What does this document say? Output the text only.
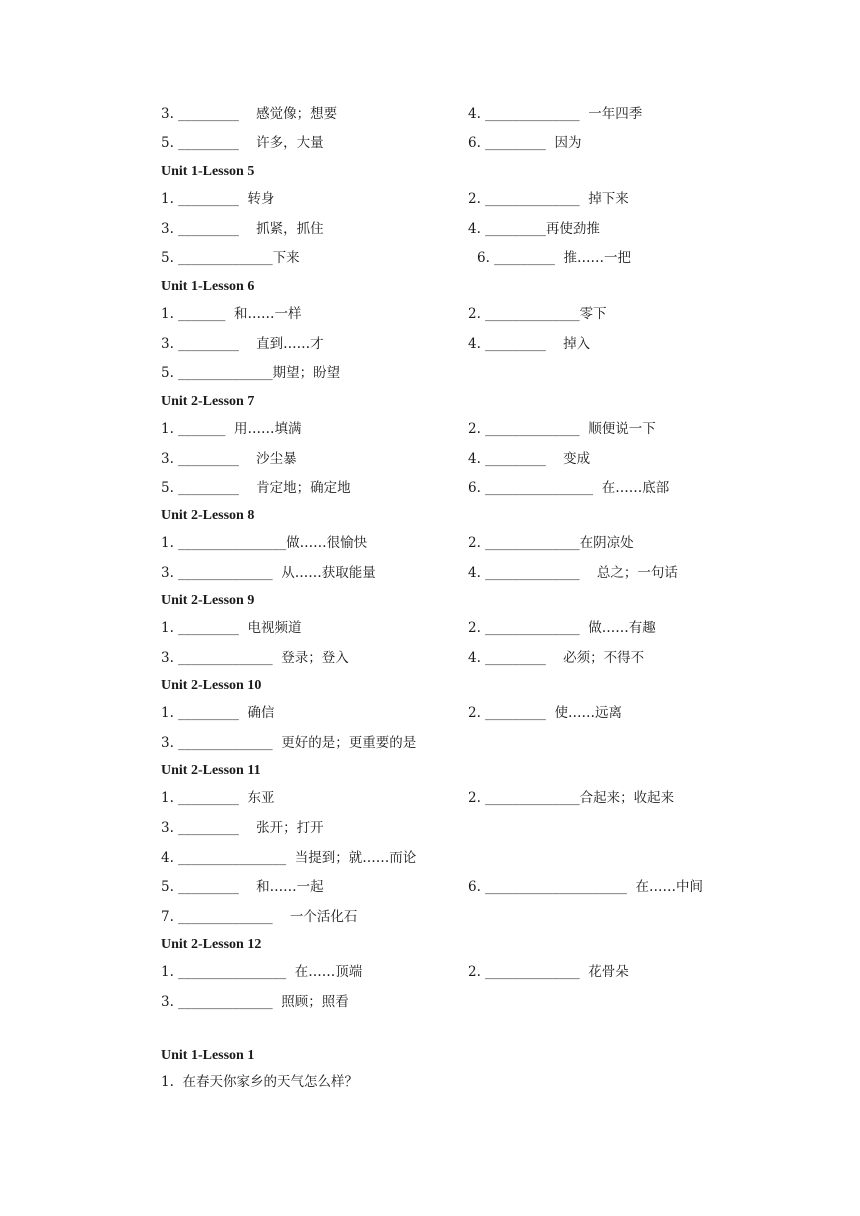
3. _________    感觉像；想要	4. ______________  一年四季
5. _________    许多，大量	6. _________  因为
Unit 1-Lesson 5
1. _________  转身	2. ______________  掉下来
3. _________    抓紧，抓住	4. _________再使劲推
5. ______________下来	6. _________  推……一把
Unit 1-Lesson 6
1. _______  和……一样	2. ______________零下
3. _________    直到……才	4. _________    掉入
5. ______________期望；盼望
Unit 2-Lesson 7
1. _______  用……填满	2. ______________  顺便说一下
3. _________    沙尘暴	4. _________    变成
5. _________    肯定地；确定地	6. ________________  在……底部
Unit 2-Lesson 8
1. ________________做……很愉快	2. ______________在阴凉处
3. ______________  从……获取能量	4. ______________    总之；一句话
Unit 2-Lesson 9
1. _________  电视频道	2. ______________  做……有趣
3. ______________  登录；登入	4. _________    必须；不得不
Unit 2-Lesson 10
1. _________  确信	2. _________  使……远离
3. ______________  更好的是；更重要的是
Unit 2-Lesson 11
1. _________  东亚	2. ______________合起来；收起来
3. _________    张开；打开
4. ________________  当提到；就……而论
5. _________    和……一起	6. _____________________  在……中间
7. ______________    一个活化石
Unit 2-Lesson 12
1. ________________  在……顶端	2. ______________  花骨朵
3. ______________  照顾；照看
Unit 1-Lesson 1
1.  在春天你家乡的天气怎么样？
